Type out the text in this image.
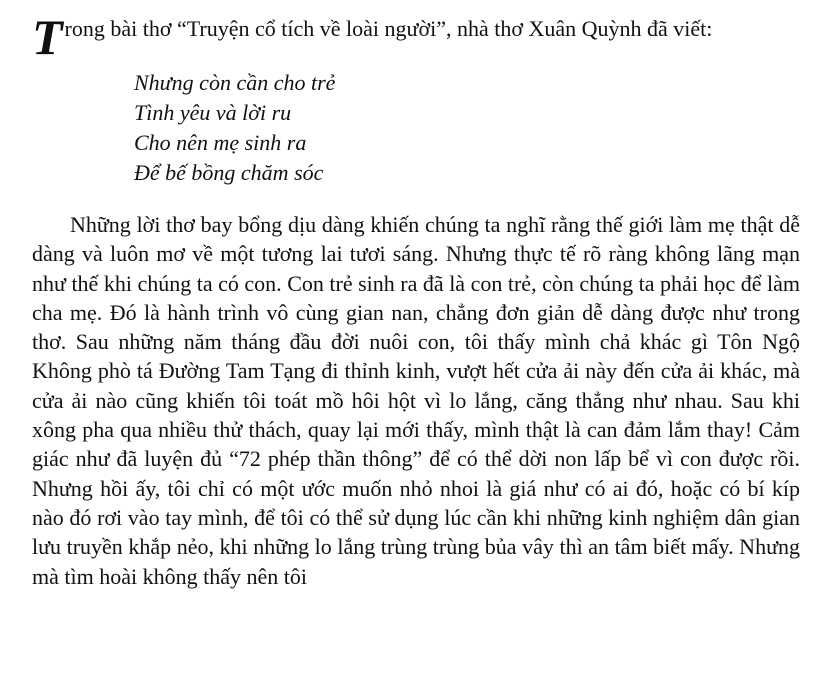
T rong bài thơ “Truyện cổ tích về loài người”, nhà thơ Xuân Quỳnh đã viết:

Nhưng còn cần cho trẻ
Tình yêu và lời ru
Cho nên mẹ sinh ra
Để bế bồng chăm sóc

Những lời thơ bay bổng dịu dàng khiến chúng ta nghĩ rằng thế giới làm mẹ thật dễ dàng và luôn mơ về một tương lai tươi sáng. Nhưng thực tế rõ ràng không lãng mạn như thế khi chúng ta có con. Con trẻ sinh ra đã là con trẻ, còn chúng ta phải học để làm cha mẹ. Đó là hành trình vô cùng gian nan, chẳng đơn giản dễ dàng được như trong thơ. Sau những năm tháng đầu đời nuôi con, tôi thấy mình chả khác gì Tôn Ngộ Không phò tá Đường Tam Tạng đi thỉnh kinh, vượt hết cửa ải này đến cửa ải khác, mà cửa ải nào cũng khiến tôi toát mồ hôi hột vì lo lắng, căng thẳng như nhau. Sau khi xông pha qua nhiều thử thách, quay lại mới thấy, mình thật là can đảm lắm thay! Cảm giác như đã luyện đủ “72 phép thần thông” để có thể dời non lấp bể vì con được rồi. Nhưng hồi ấy, tôi chỉ có một ước muốn nhỏ nhoi là giá như có ai đó, hoặc có bí kíp nào đó rơi vào tay mình, để tôi có thể sử dụng lúc cần khi những kinh nghiệm dân gian lưu truyền khắp nẻo, khi những lo lắng trùng trùng bủa vây thì an tâm biết mấy. Nhưng mà tìm hoài không thấy nên tôi
